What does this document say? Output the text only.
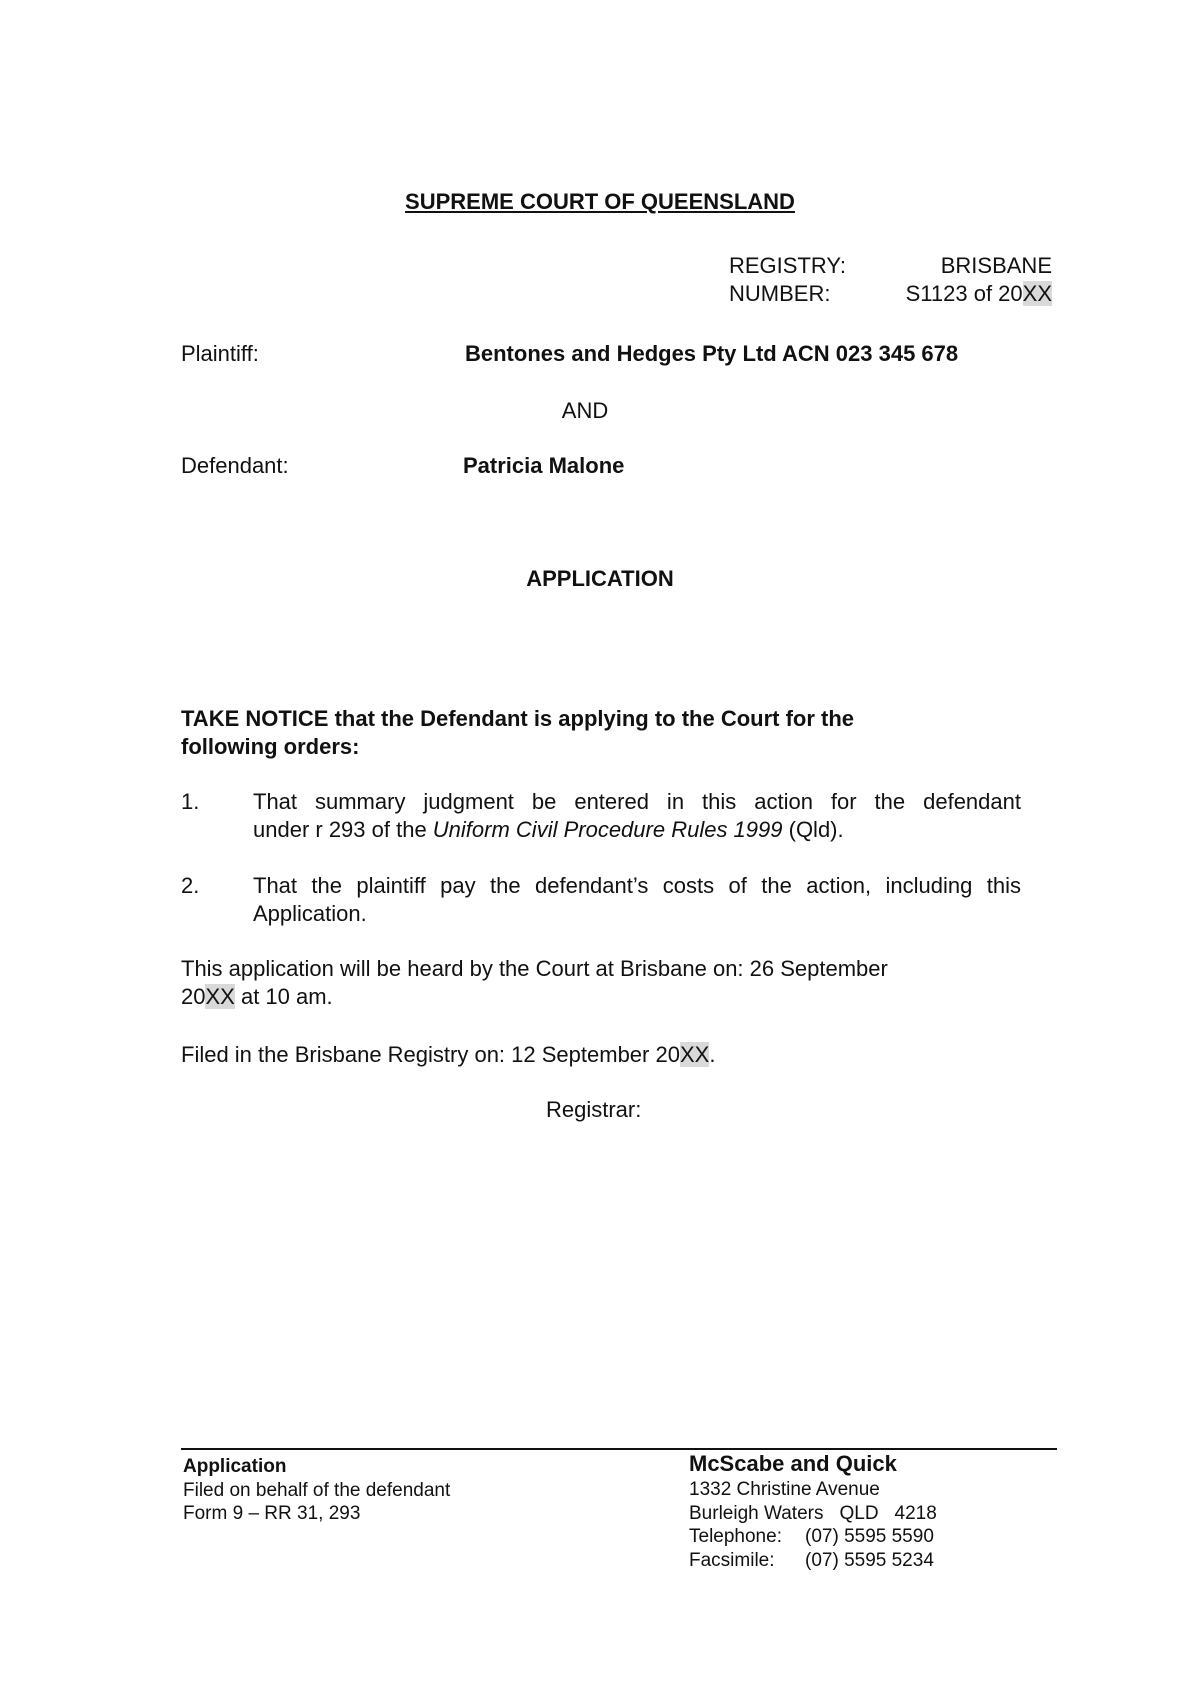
SUPREME COURT OF QUEENSLAND
REGISTRY:	BRISBANE
NUMBER:	S1123 of 20XX
Plaintiff:	Bentones and Hedges Pty Ltd ACN 023 345 678
AND
Defendant:	Patricia Malone
APPLICATION
TAKE NOTICE that the Defendant is applying to the Court for the
following orders:
1. That summary judgment be entered in this action for the defendant
under r 293 of the Uniform Civil Procedure Rules 1999 (Qld).
2. That the plaintiff pay the defendant’s costs of the action, including this
Application.
This application will be heard by the Court at Brisbane on: 26 September
20XX at 10 am.
Filed in the Brisbane Registry on: 12 September 20XX.
Registrar:
Application
Filed on behalf of the defendant
Form 9 – RR 31, 293
McScabe and Quick
1332 Christine Avenue
Burleigh Waters QLD 4218
Telephone: (07) 5595 5590
Facsimile: (07) 5595 5234
